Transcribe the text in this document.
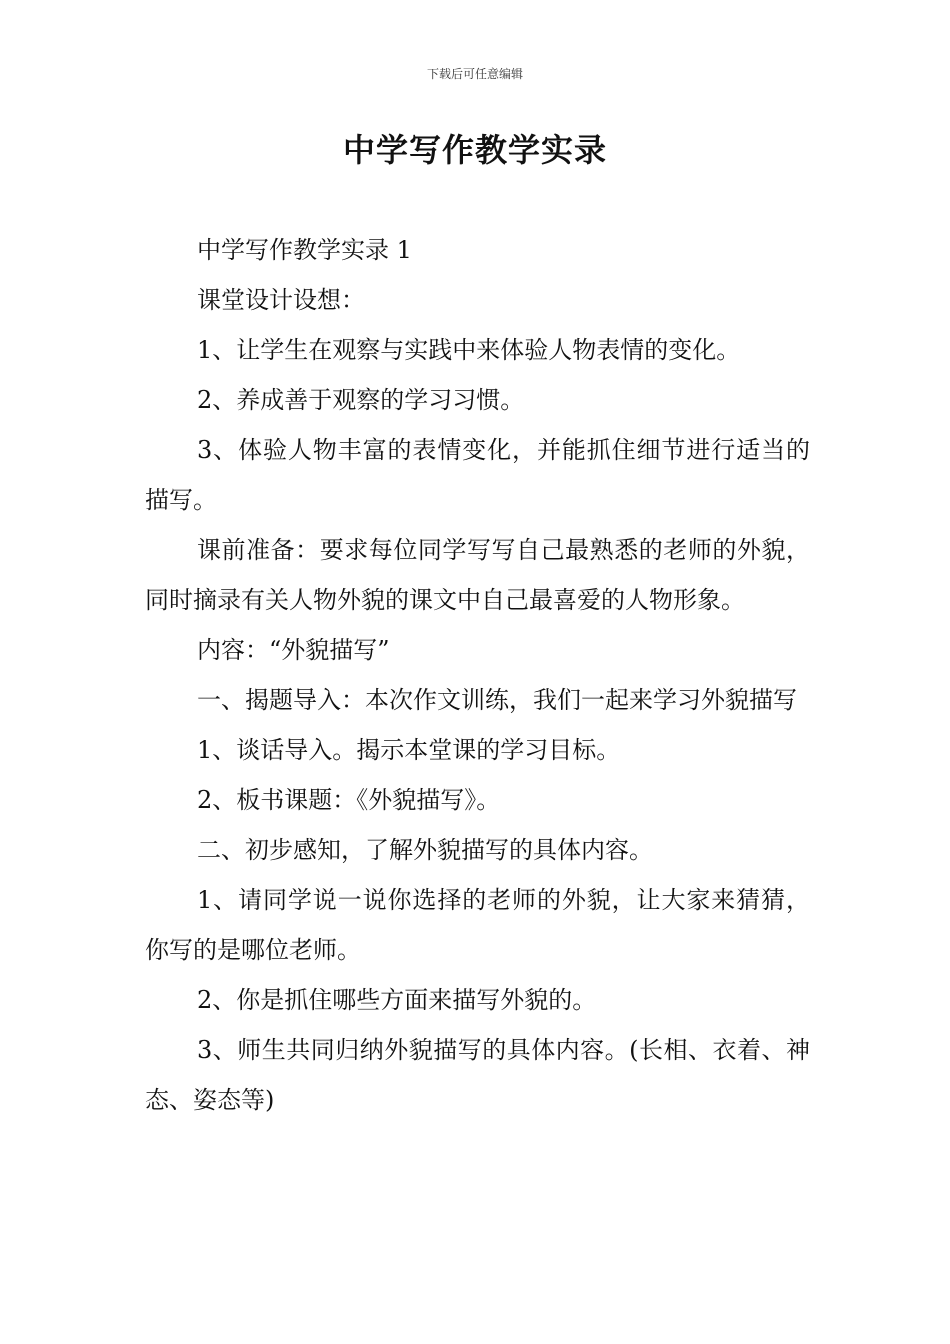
下载后可任意编辑
中学写作教学实录

中学写作教学实录 1

课堂设计设想：

1、让学生在观察与实践中来体验人物表情的变化。

2、养成善于观察的学习习惯。

3、体验人物丰富的表情变化，并能抓住细节进行适当的描写。

课前准备：要求每位同学写写自己最熟悉的老师的外貌，同时摘录有关人物外貌的课文中自己最喜爱的人物形象。

内容：“外貌描写”

一、揭题导入：本次作文训练，我们一起来学习外貌描写

1、谈话导入。揭示本堂课的学习目标。

2、板书课题：《外貌描写》。

二、初步感知，了解外貌描写的具体内容。

1、请同学说一说你选择的老师的外貌，让大家来猜猜，你写的是哪位老师。

2、你是抓住哪些方面来描写外貌的。

3、师生共同归纳外貌描写的具体内容。(长相、衣着、神态、姿态等)
